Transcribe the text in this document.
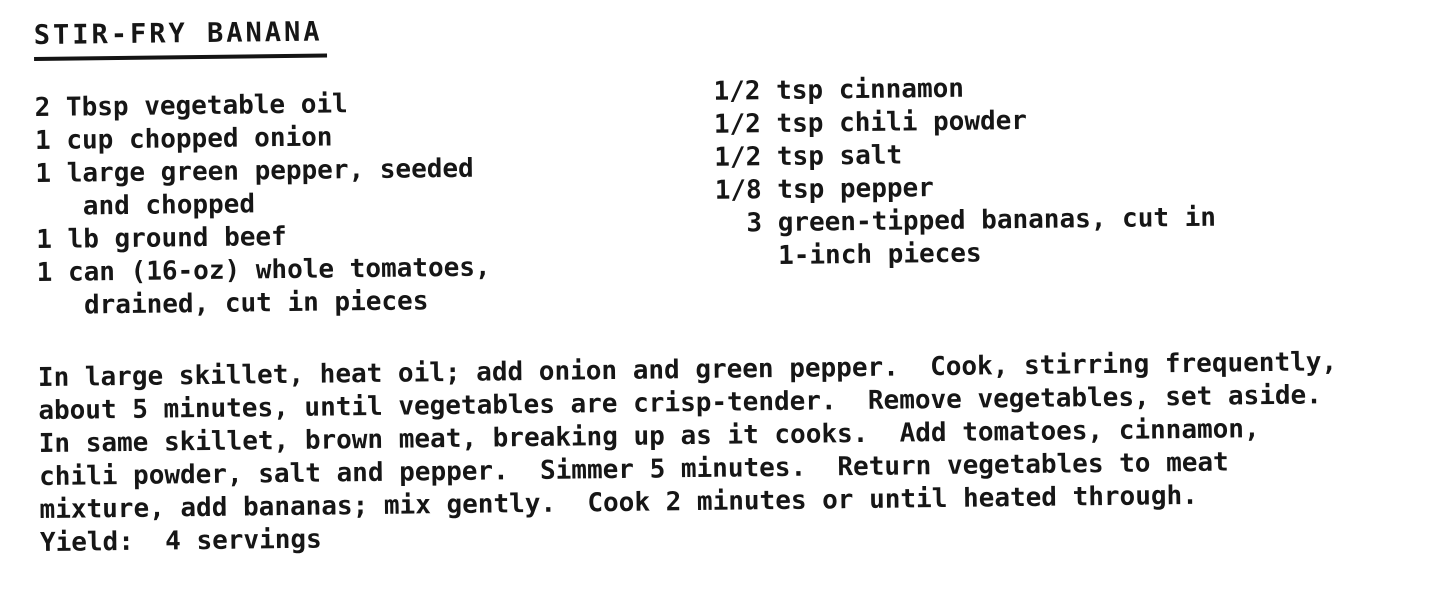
STIR-FRY BANANA
2 Tbsp vegetable oil
1 cup chopped onion
1 large green pepper, seeded
and chopped
1 lb ground beef
1 can (16-oz) whole tomatoes,
drained, cut in pieces
1/2 tsp cinnamon
1/2 tsp chili powder
1/2 tsp salt
1/8 tsp pepper
3 green-tipped bananas, cut in
1-inch pieces
In large skillet, heat oil; add onion and green pepper.  Cook, stirring frequently,
about 5 minutes, until vegetables are crisp-tender.  Remove vegetables, set aside.
In same skillet, brown meat, breaking up as it cooks.  Add tomatoes, cinnamon,
chili powder, salt and pepper.  Simmer 5 minutes.  Return vegetables to meat
mixture, add bananas; mix gently.  Cook 2 minutes or until heated through.
Yield:  4 servings
